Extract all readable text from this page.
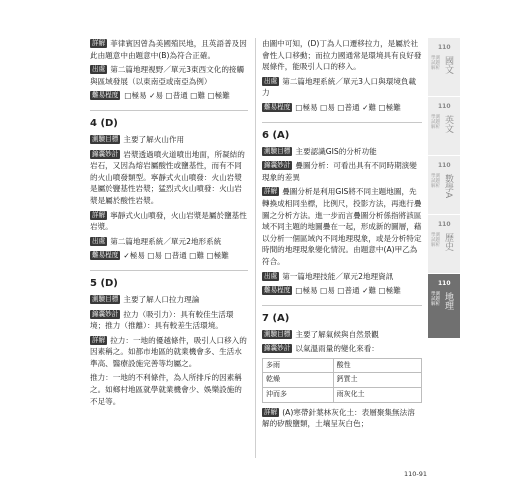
詳解 菲律賓因曾為美國殖民地，且英語普及因此由題意中由題意中(B)為符合正確。

出處 第二篇地理視野／單元3東西文化的接觸與區域發展（以東南亞或南亞為例）

難易程度 □極易 ✓易 □普通 □難 □極難

4 (D)

測驗目標 主要了解火山作用

錦囊妙計 岩漿透過噴火道噴出地面，所凝結的岩石，又因為熔岩屬酸性或鹽基性，而有不同的火山噴發類型。寧靜式火山噴發：火山岩漿是屬於鹽基性岩漿；猛烈式火山噴發：火山岩漿是屬於酸性岩漿。

詳解 寧靜式火山噴發，火山岩漿是屬於鹽基性岩漿。

出處 第二篇地理系統／單元2地形系統

難易程度 ✓極易 □易 □普通 □難 □極難

5 (D)

測驗目標 主要了解人口拉力理論

錦囊妙計 拉力（吸引力）：具有較佳生活環境；推力（推離）：具有較差生活環境。

詳解 拉力：一地的優越條件，吸引人口移入的因素稱之。如都市地區的就業機會多、生活水準高、醫療設施完善等均屬之。

推力：一地的不利條件，為人所排斥的因素稱之。如鄉村地區就學就業機會少、娛樂設施的不足等。

由圖中可知，(D)丁為人口遷移拉力，是屬於社會性人口移動；而拉力國通常是環境具有良好發展條件，能吸引人口的移入。

出處 第二篇地理系統／單元3人口與環境負載力

難易程度 □極易 □易 □普通 ✓難 □極難

6 (A)

測驗目標 主要認識GIS的分析功能

錦囊妙計 疊圖分析：可看出具有不同時期演變現象的差異

詳解 疊圖分析是利用GIS將不同主題地圖，先轉換成相同坐標，比例尺，投影方法，再進行疊圖之分析方法。進一步而言疊圖分析係指將該區域不同主題的地圖疊在一起，形成新的圖層，藉以分析一個區域內不同地理現象，或是分析特定時間的地理現象變化情況。由題意中(A)甲乙為符合。

出處 第一篇地理技能／單元2地理資訊

難易程度 □極易 □易 □普通 ✓難 □極難

7 (A)

測驗目標 主要了解氣候與自然景觀

錦囊妙計 以氣溫雨量的變化來看：

多雨	酸性
乾燥	鈣質土
沖而多	雨灰化土

詳解 (A)寒帶針葉林灰化土：表層聚集無法溶解的矽酸鹽類，土壤呈灰白色；

110
學測試題解析 國文
110
學測試題解析 英文
110
學測試題解析 數學A
110
學測試題解析 歷史
110
學測試題解析 地理
110-91
